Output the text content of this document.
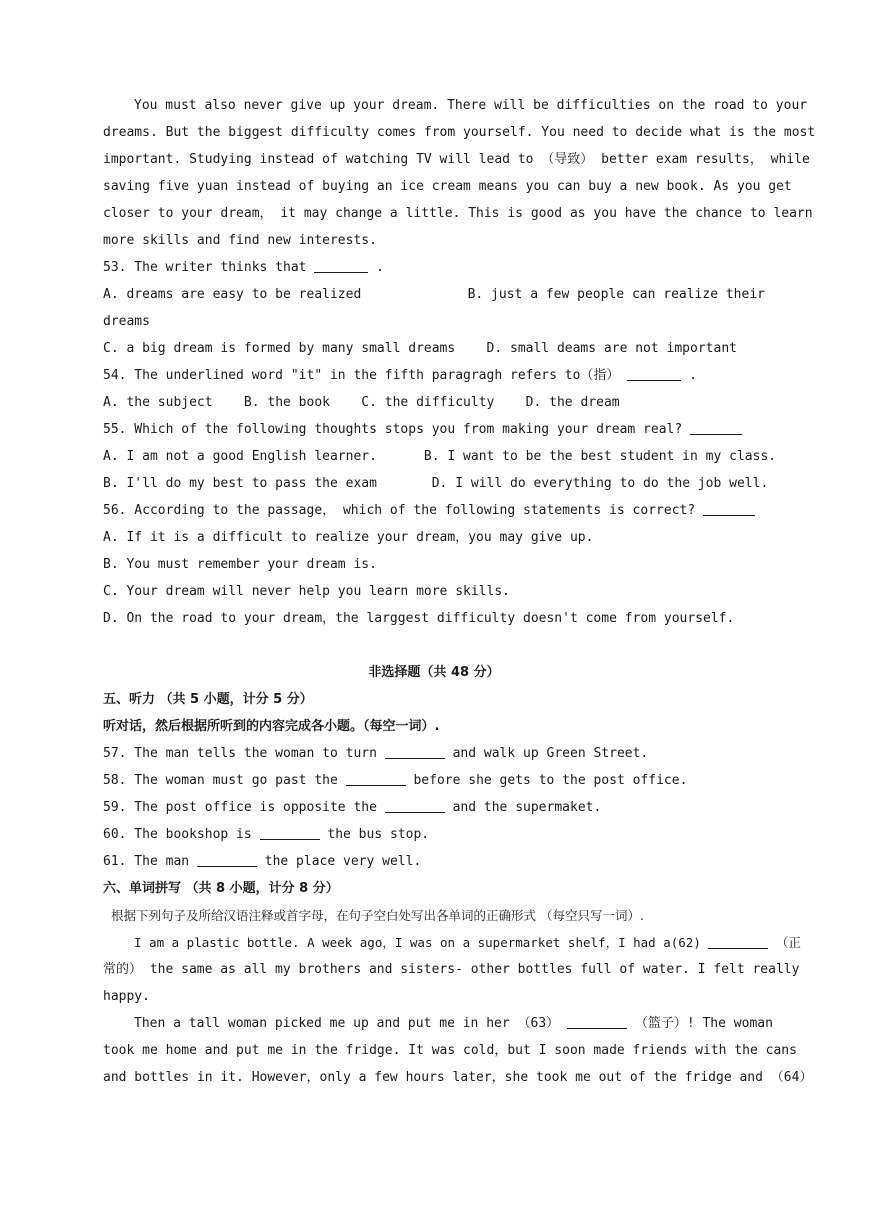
You must also never give up your dream. There will be difficulties on the road to your
dreams. But the biggest difficulty comes from yourself. You need to decide what is the most
important. Studying instead of watching TV will lead to （导致） better exam results， while
saving five yuan instead of buying an ice cream means you can buy a new book. As you get
closer to your dream， it may change a little. This is good as you have the chance to learn
more skills and find new interests.
53. The writer thinks that	.
A. dreams are easy to be realized	B. just a few people can realize their
dreams
C. a big dream is formed by many small dreams D. small deams are not important
54. The underlined word "it" in the fifth paragragh refers to（指）	.
A. the subject B. the book C. the difficulty D. the dream
55. Which of the following thoughts stops you from making your dream real?
A. I am not a good English learner.	B. I want to be the best student in my class.
B. I'll do my best to pass the exam	D. I will do everything to do the job well.
56. According to the passage， which of the following statements is correct?
A. If it is a difficult to realize your dream，you may give up.
B. You must remember your dream is.
C. Your dream will never help you learn more skills.
D. On the road to your dream，the larggest difficulty doesn't come from yourself.
非选择题（共 48 分）
五、听力 （共 5 小题，计分 5 分）
听对话，然后根据所听到的内容完成各小题。（每空一词）.
57. The man tells the woman to turn	and walk up Green Street.
58. The woman must go past the	before she gets to the post office.
59. The post office is opposite the	and the supermaket.
60. The bookshop is	the bus stop.
61. The man	the place very well.
六、单词拼写 （共 8 小题，计分 8 分）
根据下列句子及所给汉语注释或首字母，在句子空白处写出各单词的正确形式 （每空只写一词）.
I am a plastic bottle. A week ago，I was on a supermarket shelf，I had a(62)	（正
常的） the same as all my brothers and sisters- other bottles full of water. I felt really
happy.
Then a tall woman picked me up and put me in her （63）	（篮子）! The woman
took me home and put me in the fridge. It was cold，but I soon made friends with the cans
and bottles in it. However，only a few hours later，she took me out of the fridge and （64）
